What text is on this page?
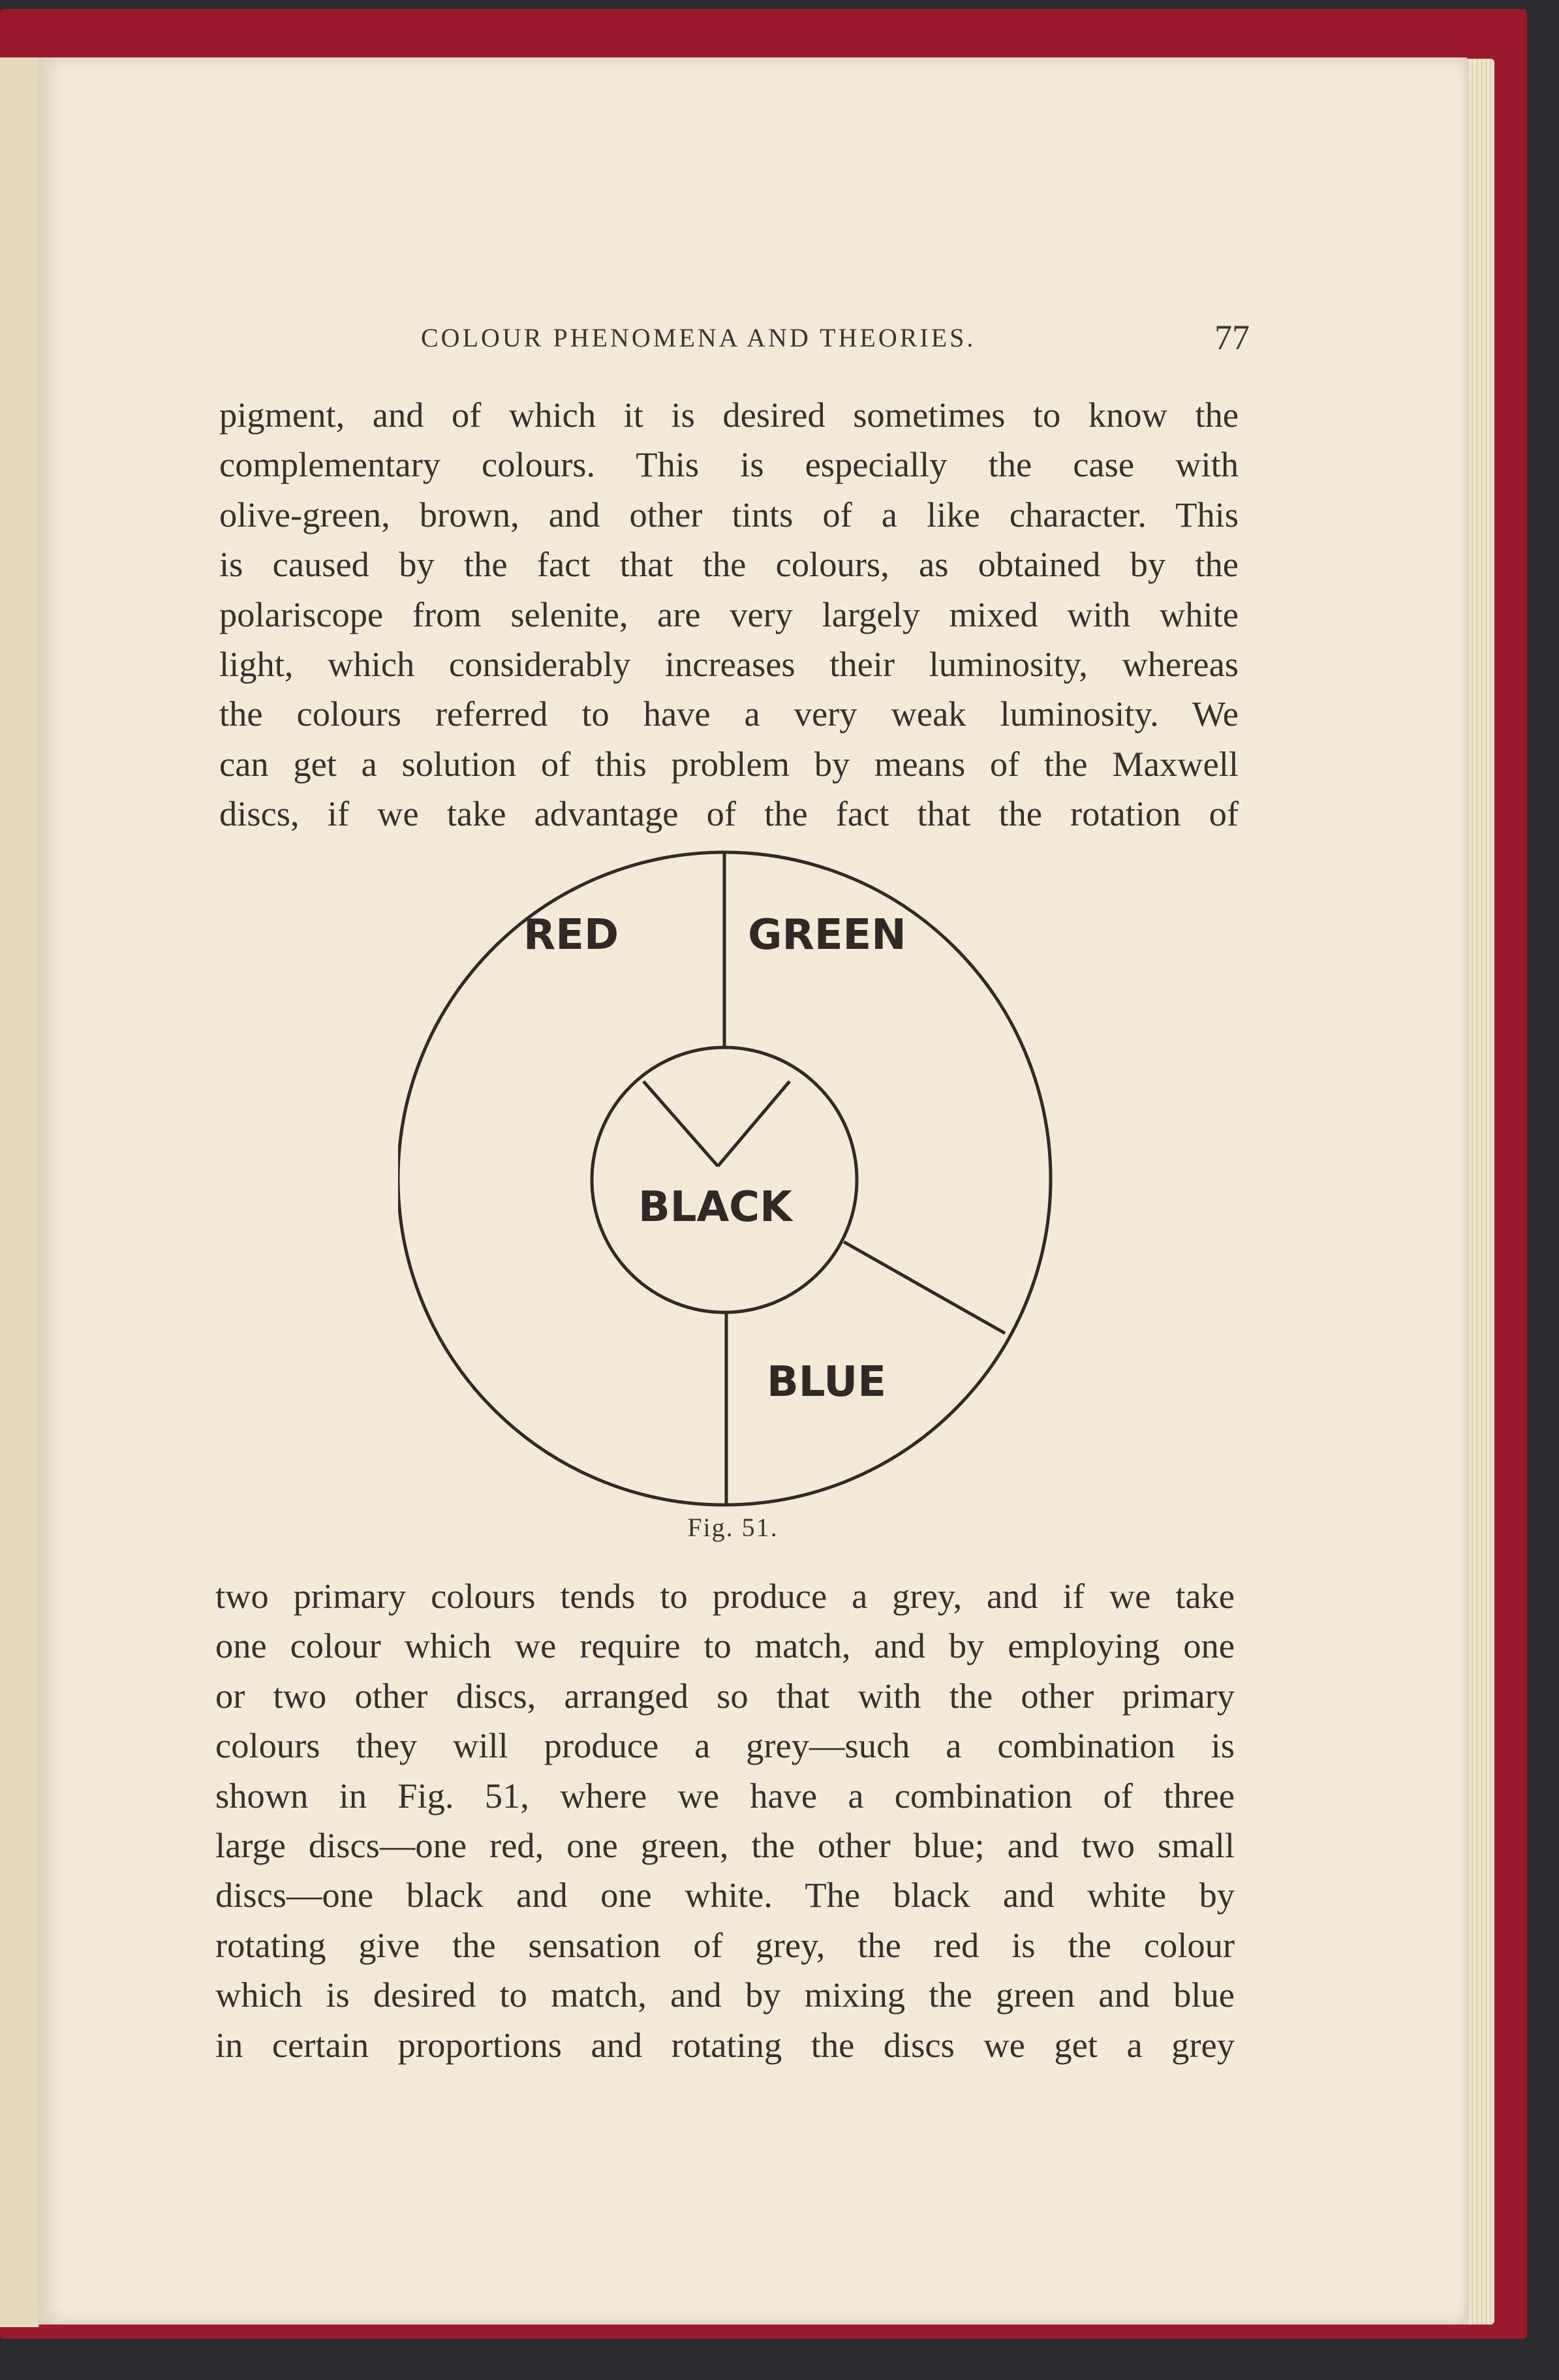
COLOUR PHENOMENA AND THEORIES.	77
pigment, and of which it is desired sometimes to know the
complementary colours. This is especially the case with
olive-green, brown, and other tints of a like character. This
is caused by the fact that the colours, as obtained by the
polariscope from selenite, are very largely mixed with white
light, which considerably increases their luminosity, whereas
the colours referred to have a very weak luminosity. We
can get a solution of this problem by means of the Maxwell
discs, if we take advantage of the fact that the rotation of
RED	GREEN
BLACK
BLUE
Fig. 51.
two primary colours tends to produce a grey, and if we take
one colour which we require to match, and by employing one
or two other discs, arranged so that with the other primary
colours they will produce a grey—such a combination is
shown in Fig. 51, where we have a combination of three
large discs—one red, one green, the other blue; and two small
discs—one black and one white. The black and white by
rotating give the sensation of grey, the red is the colour
which is desired to match, and by mixing the green and blue
in certain proportions and rotating the discs we get a grey
